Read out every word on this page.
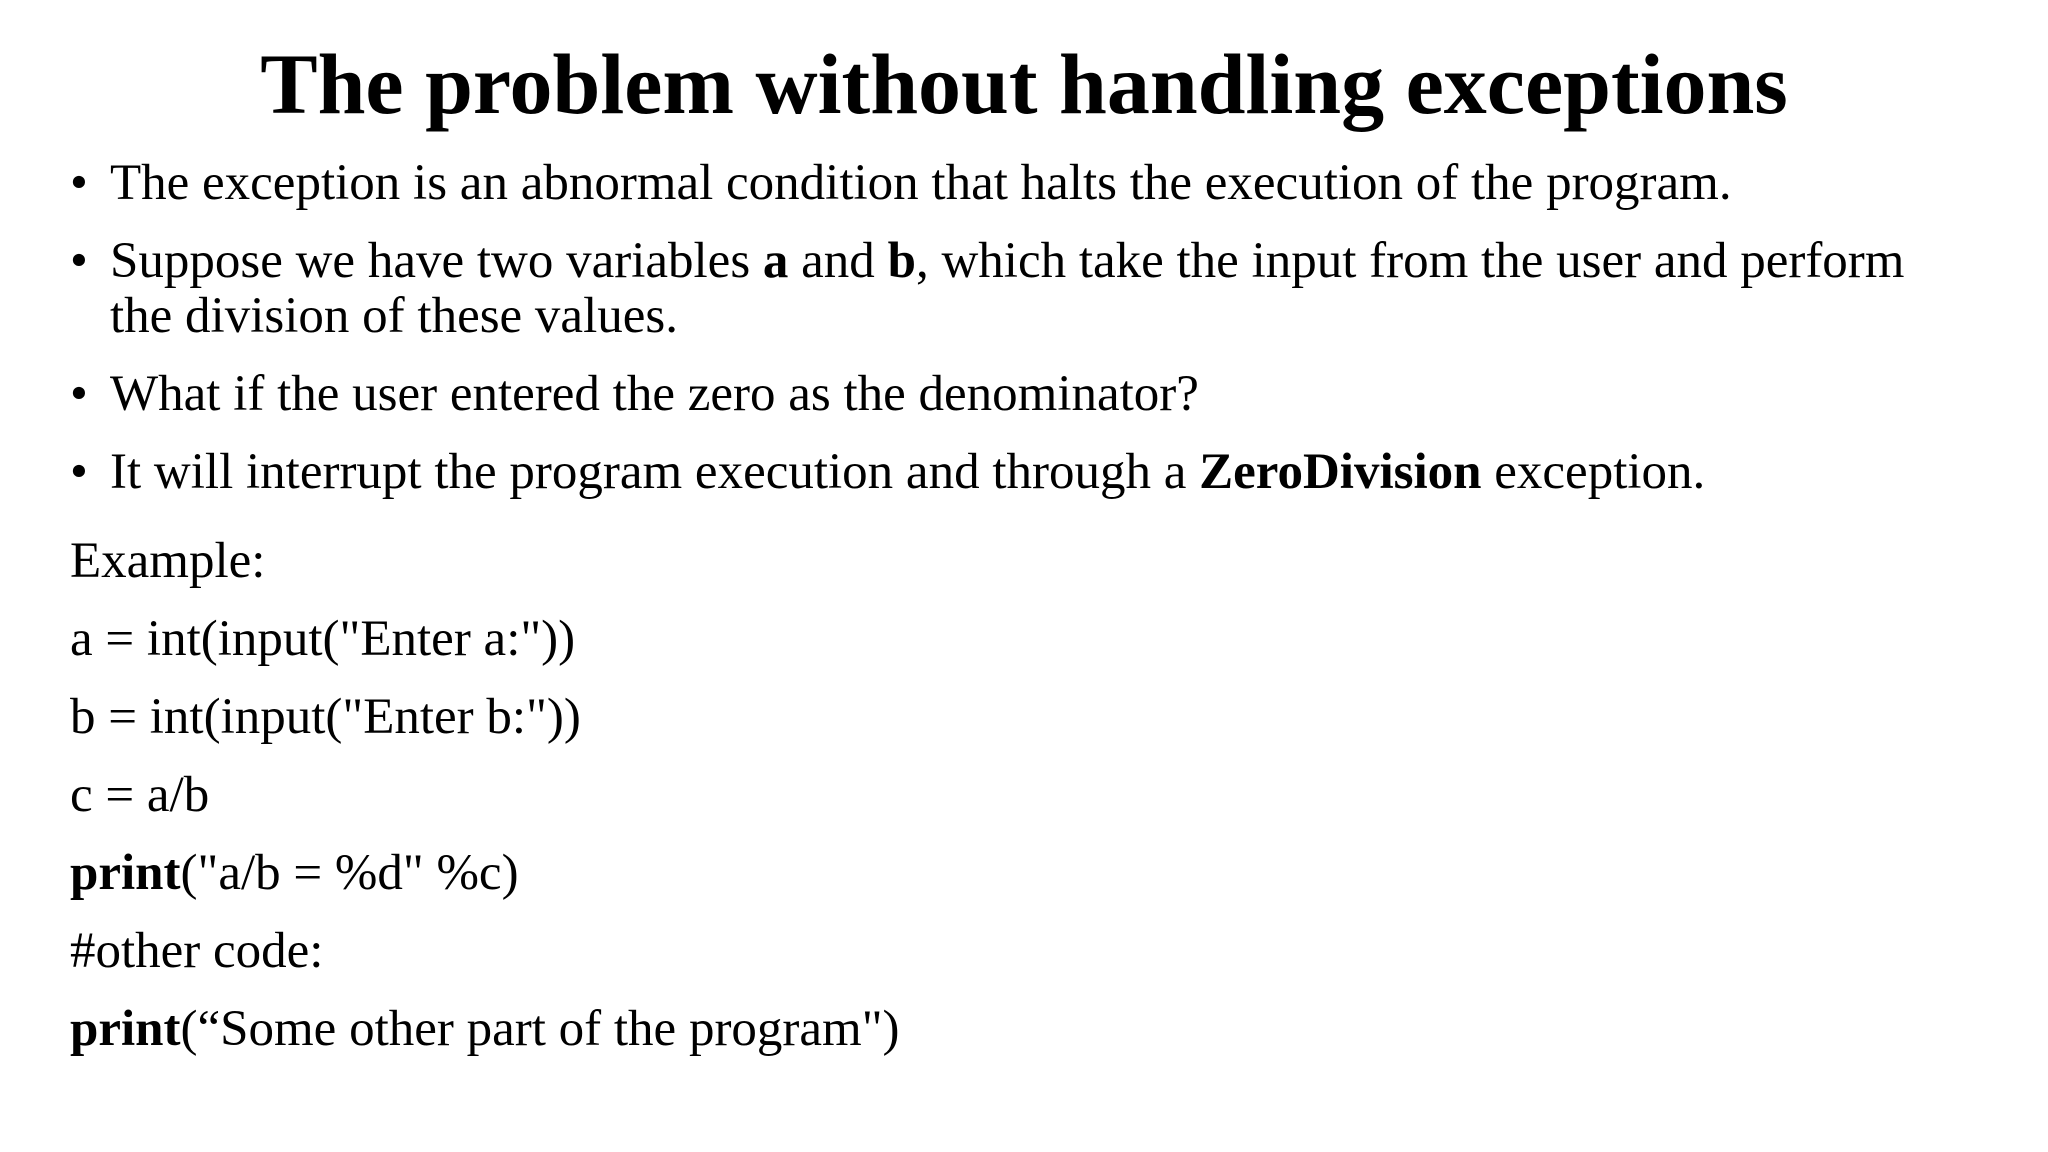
The problem without handling exceptions
• The exception is an abnormal condition that halts the execution of the program.
• Suppose we have two variables a and b, which take the input from the user and perform the division of these values.
• What if the user entered the zero as the denominator?
• It will interrupt the program execution and through a ZeroDivision exception.
Example:
a = int(input("Enter a:"))
b = int(input("Enter b:"))
c = a/b
print("a/b = %d" %c)
#other code:
print(“Some other part of the program")
